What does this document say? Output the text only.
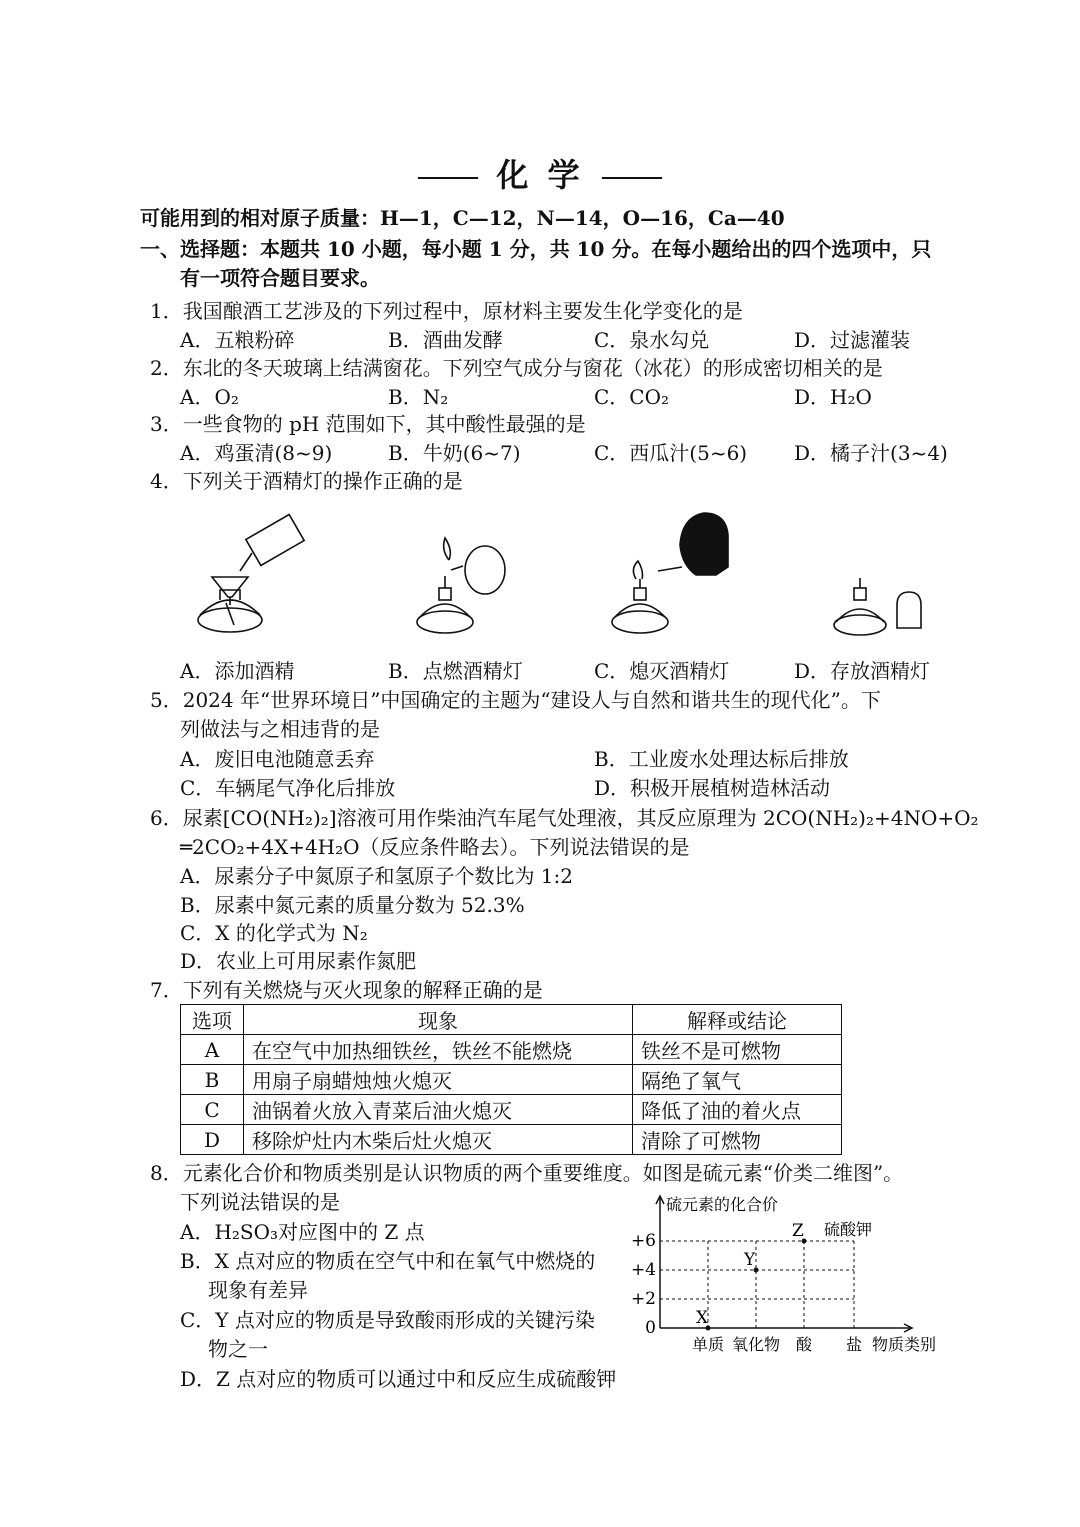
化 学
可能用到的相对原子质量：H—1，C—12，N—14，O—16，Ca—40
一、选择题：本题共 10 小题，每小题 1 分，共 10 分。在每小题给出的四个选项中，只
有一项符合题目要求。
1．我国酿酒工艺涉及的下列过程中，原材料主要发生化学变化的是
A．五粮粉碎	B．酒曲发酵	C．泉水勾兑	D．过滤灌装
2．东北的冬天玻璃上结满窗花。下列空气成分与窗花（冰花）的形成密切相关的是
A．O₂	B．N₂	C．CO₂	D．H₂O
3．一些食物的 pH 范围如下，其中酸性最强的是
A．鸡蛋清(8~9)	B．牛奶(6~7)	C．西瓜汁(5~6) D．橘子汁(3~4)
4．下列关于酒精灯的操作正确的是
A．添加酒精	B．点燃酒精灯	C．熄灭酒精灯	D．存放酒精灯
5．2024 年“世界环境日”中国确定的主题为“建设人与自然和谐共生的现代化”。下
列做法与之相违背的是
A．废旧电池随意丢弃	B．工业废水处理达标后排放
C．车辆尾气净化后排放	D．积极开展植树造林活动
6．尿素[CO(NH₂)₂]溶液可用作柴油汽车尾气处理液，其反应原理为 2CO(NH₂)₂+4NO+O₂
═2CO₂+4X+4H₂O（反应条件略去）。下列说法错误的是
A．尿素分子中氮原子和氢原子个数比为 1:2
B．尿素中氮元素的质量分数为 52.3%
C．X 的化学式为 N₂
D．农业上可用尿素作氮肥
7．下列有关燃烧与灭火现象的解释正确的是
选项	现象	解释或结论
A	在空气中加热细铁丝，铁丝不能燃烧	铁丝不是可燃物
B	用扇子扇蜡烛烛火熄灭	隔绝了氧气
C	油锅着火放入青菜后油火熄灭	降低了油的着火点
D	移除炉灶内木柴后灶火熄灭	清除了可燃物
8．元素化合价和物质类别是认识物质的两个重要维度。如图是硫元素“价类二维图”。
下列说法错误的是
A．H₂SO₃对应图中的 Z 点
B．X 点对应的物质在空气中和在氧气中燃烧的
现象有差异
C．Y 点对应的物质是导致酸雨形成的关键污染
物之一
D．Z 点对应的物质可以通过中和反应生成硫酸钾
硫元素的化合价
0
+2
+4
+6
单质 氧化物 酸 盐 物质类别
X
Y
Z 硫酸钾
